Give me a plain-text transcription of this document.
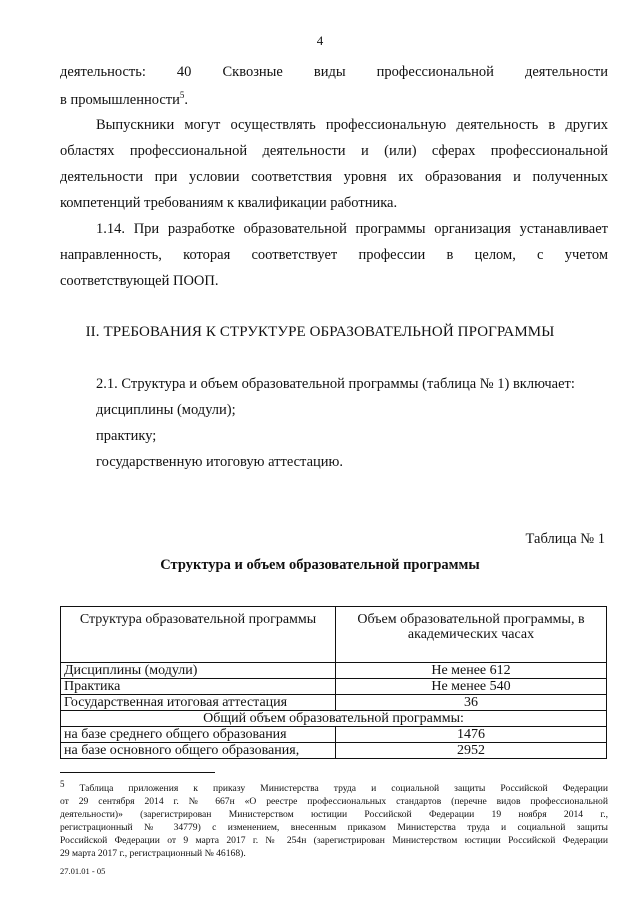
4
деятельность: 40 Сквозные виды профессиональной деятельности
в промышленности$^5$.
Выпускники могут осуществлять профессиональную деятельность в других
областях профессиональной деятельности и (или) сферах профессиональной
деятельности при условии соответствия уровня их образования и полученных
компетенций требованиям к квалификации работника.
1.14. При разработке образовательной программы организация устанавливает
направленность, которая соответствует профессии в целом, с учетом
соответствующей ПООП.
II. ТРЕБОВАНИЯ К СТРУКТУРЕ ОБРАЗОВАТЕЛЬНОЙ ПРОГРАММЫ
2.1. Структура и объем образовательной программы (таблица № 1) включает:
дисциплины (модули);
практику;
государственную итоговую аттестацию.
Таблица № 1
Структура и объем образовательной программы
Структура образовательной программы	Объем образовательной программы, в академических часах
Дисциплины (модули)	Не менее 612
Практика	Не менее 540
Государственная итоговая аттестация	36
Общий объем образовательной программы:	
на базе среднего общего образования	1476
на базе основного общего образования,	2952
$^5$ Таблица приложения к приказу Министерства труда и социальной защиты Российской Федерации
от 29 сентября 2014 г. № 667н «О реестре профессиональных стандартов (перечне видов профессиональной
деятельности)» (зарегистрирован Министерством юстиции Российской Федерации 19 ноября 2014 г.,
регистрационный № 34779) с изменением, внесенным приказом Министерства труда и социальной защиты
Российской Федерации от 9 марта 2017 г. № 254н (зарегистрирован Министерством юстиции Российской Федерации
29 марта 2017 г., регистрационный № 46168).
27.01.01 - 05
